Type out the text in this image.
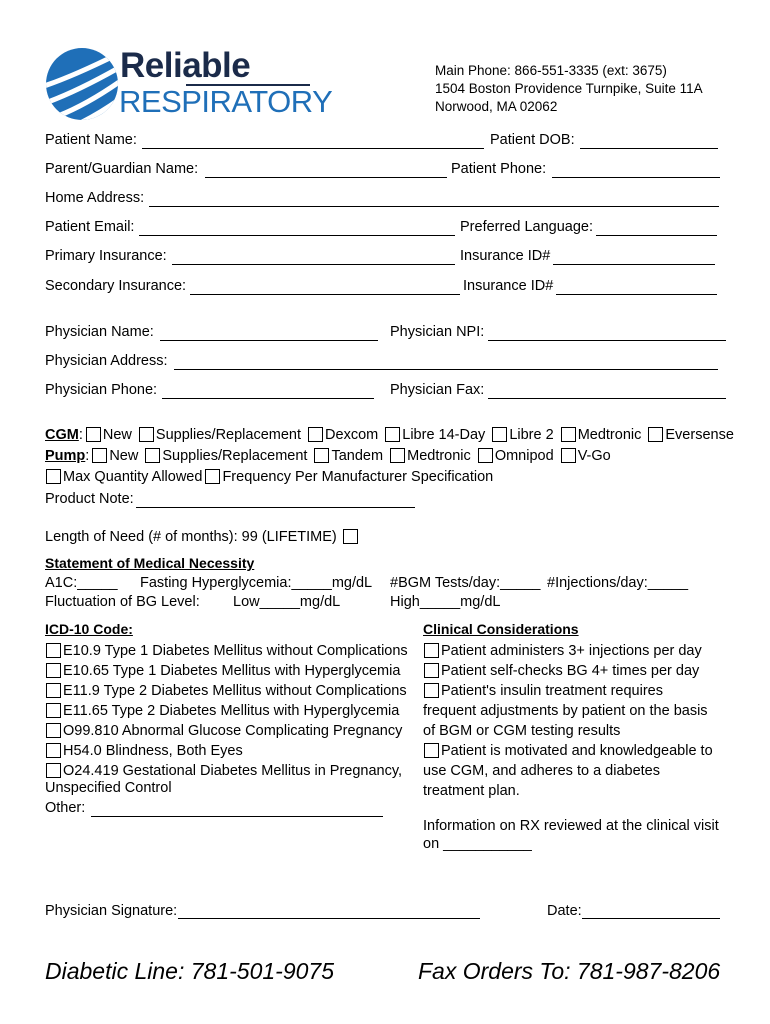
Reliable
RESPIRATORY
Main Phone: 866-551-3335 (ext: 3675)
1504 Boston Providence Turnpike, Suite 11A
Norwood, MA 02062
Patient Name:	Patient DOB:
Parent/Guardian Name:	Patient Phone:
Home Address:
Patient Email:	Preferred Language:
Primary Insurance:	Insurance ID#
Secondary Insurance:	Insurance ID#
Physician Name:	Physician NPI:
Physician Address:
Physician Phone:	Physician Fax:
CGM: New Supplies/Replacement Dexcom Libre 14-Day Libre 2 Medtronic Eversense
Pump: New Supplies/Replacement Tandem Medtronic Omnipod V-Go
Max Quantity Allowed Frequency Per Manufacturer Specification
Product Note:
Length of Need (# of months): 99 (LIFETIME)
Statement of Medical Necessity
A1C:_____ Fasting Hyperglycemia:_____mg/dL #BGM Tests/day:_____ #Injections/day:_____
Fluctuation of BG Level: Low_____mg/dL	High_____mg/dL
ICD-10 Code:
E10.9 Type 1 Diabetes Mellitus without Complications
E10.65 Type 1 Diabetes Mellitus with Hyperglycemia
E11.9 Type 2 Diabetes Mellitus without Complications
E11.65 Type 2 Diabetes Mellitus with Hyperglycemia
O99.810 Abnormal Glucose Complicating Pregnancy
H54.0 Blindness, Both Eyes
O24.419 Gestational Diabetes Mellitus in Pregnancy,
Unspecified Control
Other:
Clinical Considerations
Patient administers 3+ injections per day
Patient self-checks BG 4+ times per day
Patient's insulin treatment requires
frequent adjustments by patient on the basis
of BGM or CGM testing results
Patient is motivated and knowledgeable to
use CGM, and adheres to a diabetes
treatment plan.
Information on RX reviewed at the clinical visit
on ___________
Physician Signature:	Date:
Diabetic Line: 781-501-9075	Fax Orders To: 781-987-8206
